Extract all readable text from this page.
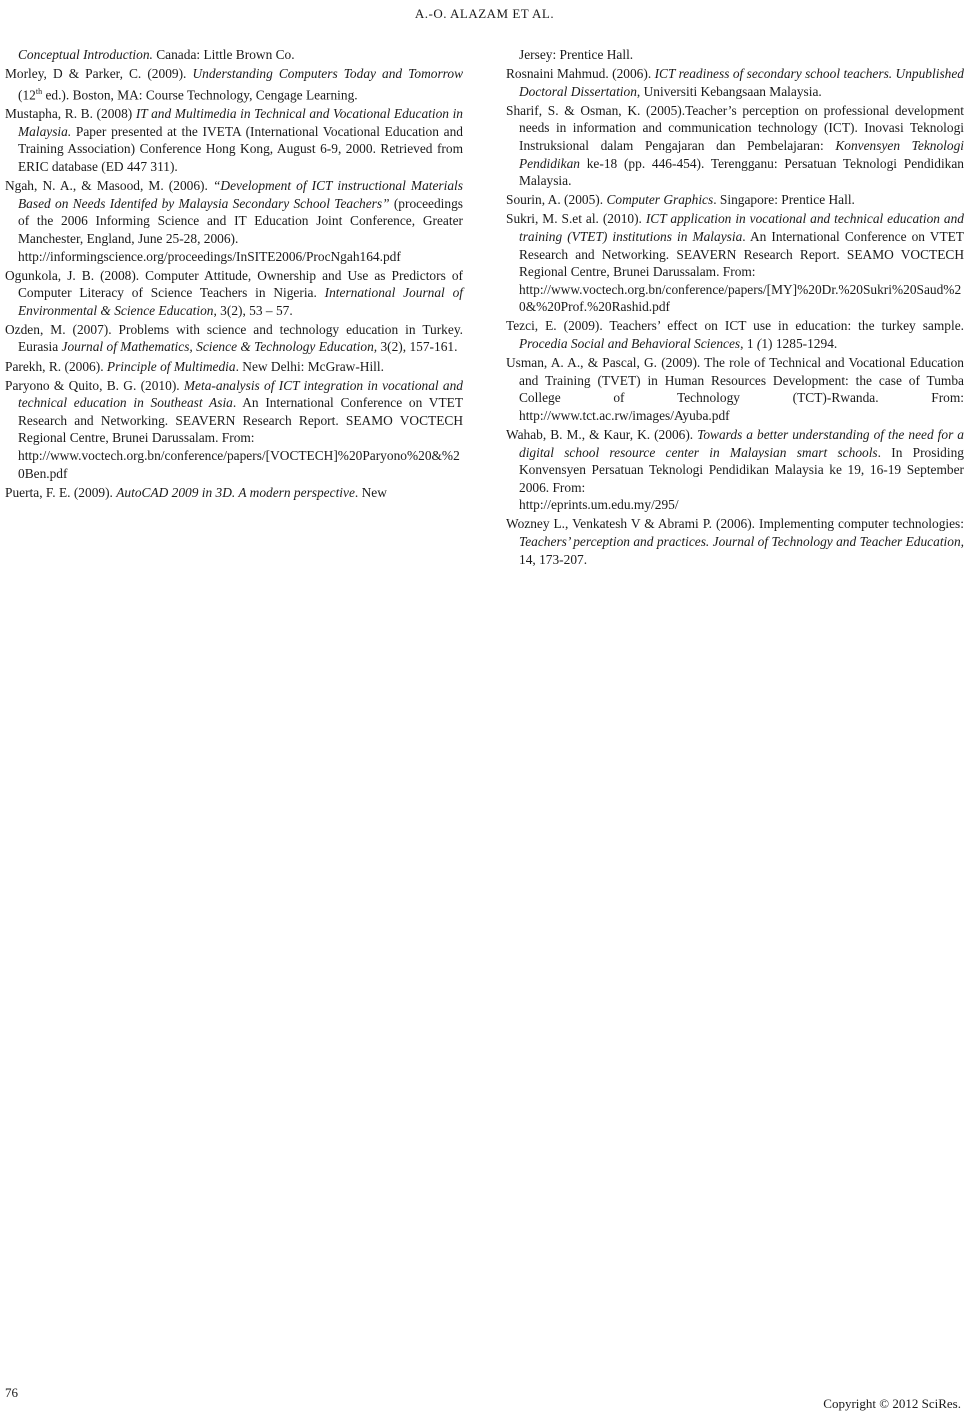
A.-O. ALAZAM ET AL.

Conceptual Introduction. Canada: Little Brown Co.

Morley, D & Parker, C. (2009). Understanding Computers Today and Tomorrow (12th ed.). Boston, MA: Course Technology, Cengage Learning.

Mustapha, R. B. (2008) IT and Multimedia in Technical and Vocational Education in Malaysia. Paper presented at the IVETA (International Vocational Education and Training Association) Conference Hong Kong, August 6-9, 2000. Retrieved from ERIC database (ED 447 311).

Ngah, N. A., & Masood, M. (2006). “Development of ICT instructional Materials Based on Needs Identifed by Malaysia Secondary School Teachers” (proceedings of the 2006 Informing Science and IT Education Joint Conference, Greater Manchester, England, June 25-28, 2006).
http://informingscience.org/proceedings/InSITE2006/ProcNgah164.pdf

Ogunkola, J. B. (2008). Computer Attitude, Ownership and Use as Predictors of Computer Literacy of Science Teachers in Nigeria. International Journal of Environmental & Science Education, 3(2), 53 – 57.

Ozden, M. (2007). Problems with science and technology education in Turkey. Eurasia Journal of Mathematics, Science & Technology Education, 3(2), 157-161.

Parekh, R. (2006). Principle of Multimedia. New Delhi: McGraw-Hill.

Paryono & Quito, B. G. (2010). Meta-analysis of ICT integration in vocational and technical education in Southeast Asia. An International Conference on VTET Research and Networking. SEAVERN Research Report. SEAMO VOCTECH Regional Centre, Brunei Darussalam. From:
http://www.voctech.org.bn/conference/papers/[VOCTECH]%20Paryono%20&%20Ben.pdf

Puerta, F. E. (2009). AutoCAD 2009 in 3D. A modern perspective. New

Jersey: Prentice Hall.

Rosnaini Mahmud. (2006). ICT readiness of secondary school teachers. Unpublished Doctoral Dissertation, Universiti Kebangsaan Malaysia.

Sharif, S. & Osman, K. (2005).Teacher’s perception on professional development needs in information and communication technology (ICT). Inovasi Teknologi Instruksional dalam Pengajaran dan Pembelajaran: Konvensyen Teknologi Pendidikan ke-18 (pp. 446-454). Terengganu: Persatuan Teknologi Pendidikan Malaysia.

Sourin, A. (2005). Computer Graphics. Singapore: Prentice Hall.

Sukri, M. S.et al. (2010). ICT application in vocational and technical education and training (VTET) institutions in Malaysia. An International Conference on VTET Research and Networking. SEAVERN Research Report. SEAMO VOCTECH Regional Centre, Brunei Darussalam. From:
http://www.voctech.org.bn/conference/papers/[MY]%20Dr.%20Sukri%20Saud%20&%20Prof.%20Rashid.pdf

Tezci, E. (2009). Teachers’ effect on ICT use in education: the turkey sample. Procedia Social and Behavioral Sciences, 1 (1) 1285-1294.

Usman, A. A., & Pascal, G. (2009). The role of Technical and Vocational Education and Training (TVET) in Human Resources Development: the case of Tumba College of Technology (TCT)-Rwanda. From: http://www.tct.ac.rw/images/Ayuba.pdf

Wahab, B. M., & Kaur, K. (2006). Towards a better understanding of the need for a digital school resource center in Malaysian smart schools. In Prosiding Konvensyen Persatuan Teknologi Pendidikan Malaysia ke 19, 16-19 September 2006. From:
http://eprints.um.edu.my/295/

Wozney L., Venkatesh V & Abrami P. (2006). Implementing computer technologies: Teachers’ perception and practices. Journal of Technology and Teacher Education, 14, 173-207.

76
Copyright © 2012 SciRes.
